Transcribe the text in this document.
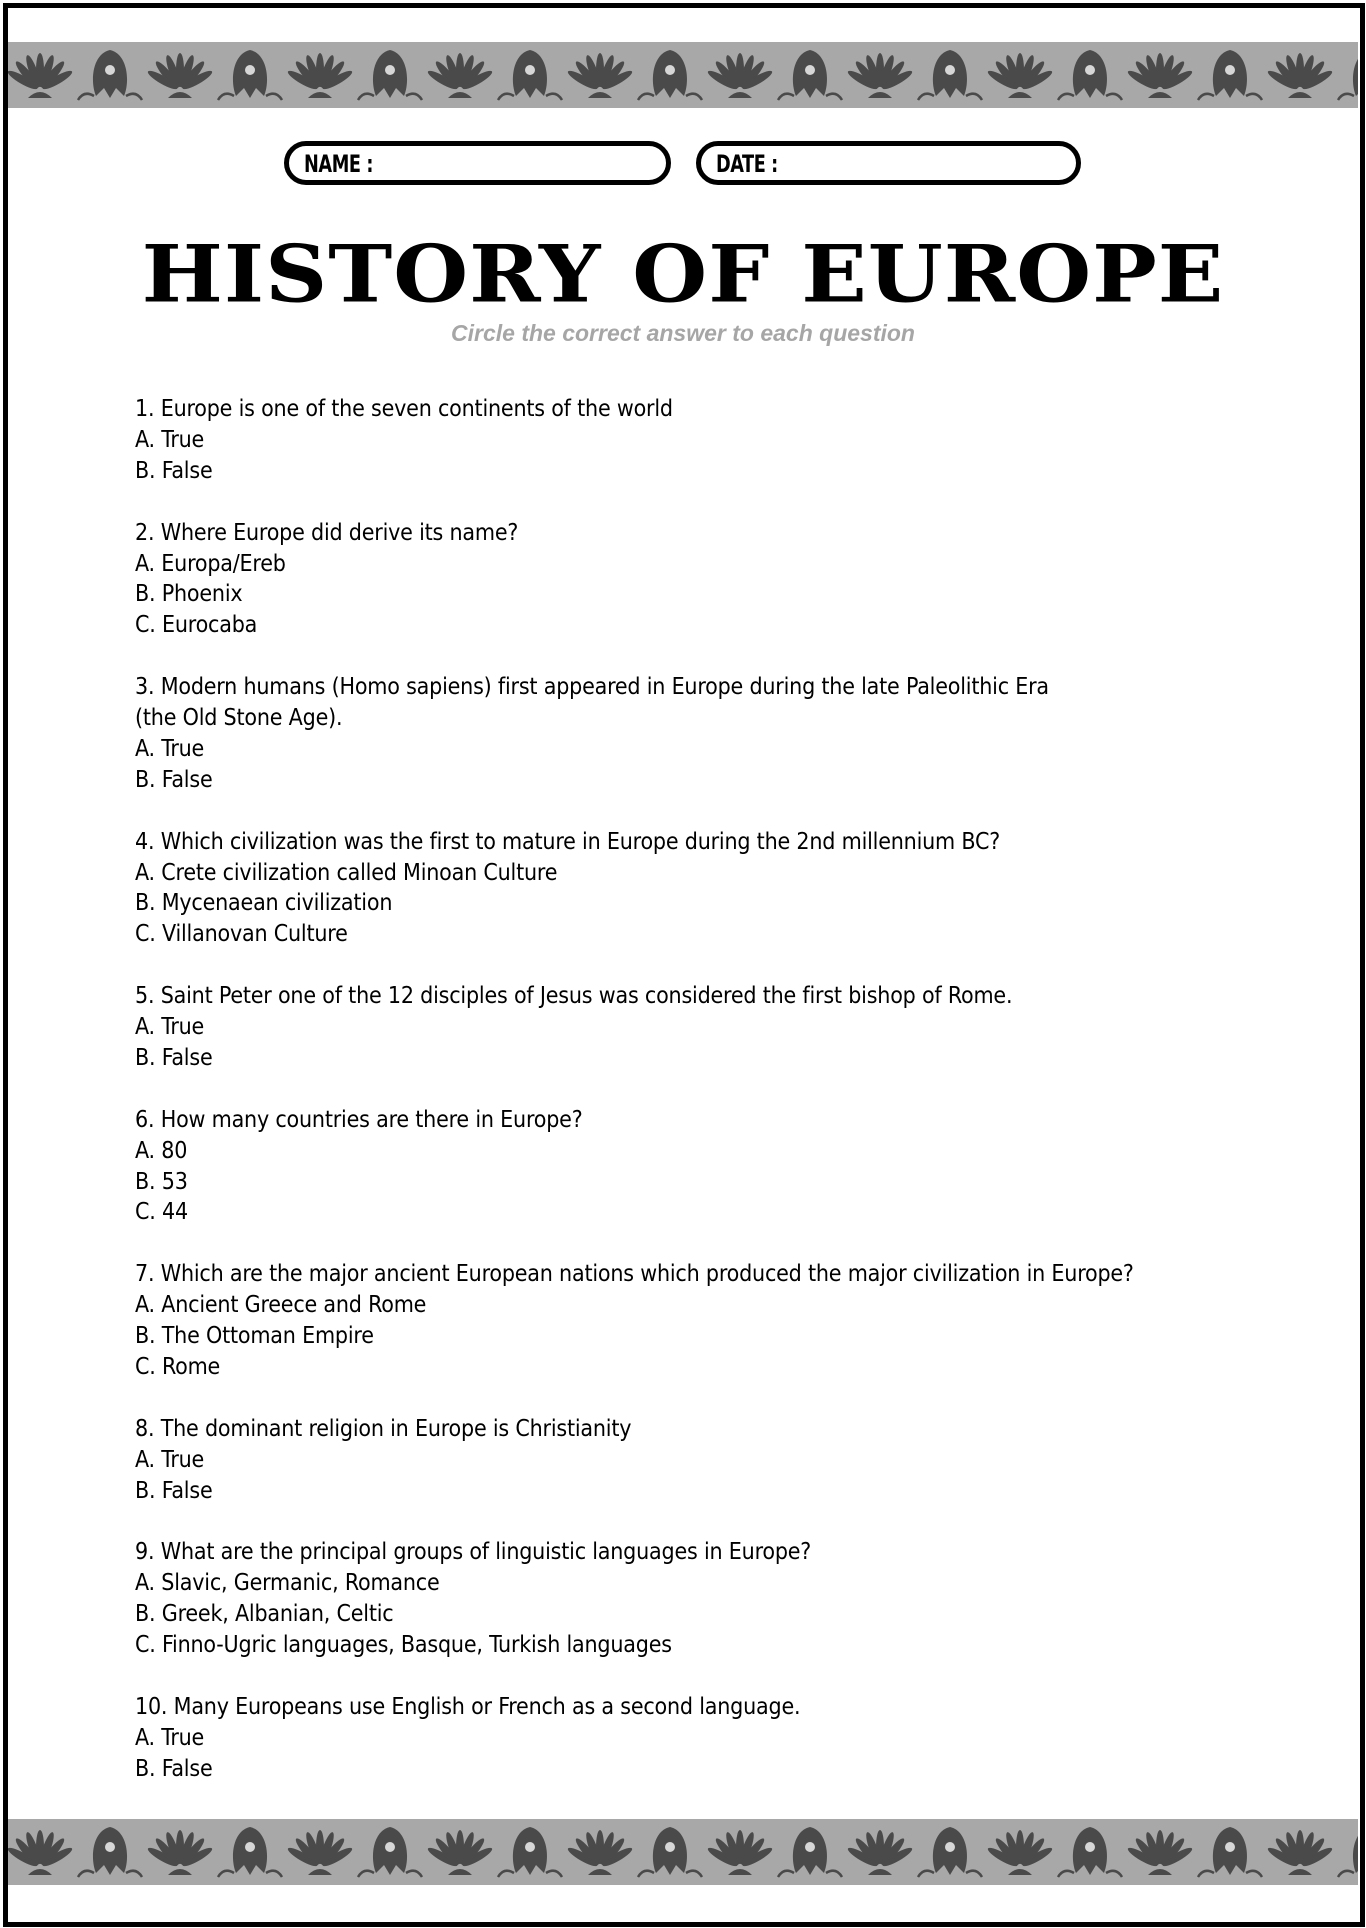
NAME :	DATE :
HISTORY OF EUROPE
Circle the correct answer to each question
1. Europe is one of the seven continents of the world
A. True
B. False
2. Where Europe did derive its name?
A. Europa/Ereb
B. Phoenix
C. Eurocaba
3. Modern humans (Homo sapiens) first appeared in Europe during the late Paleolithic Era
(the Old Stone Age).
A. True
B. False
4. Which civilization was the first to mature in Europe during the 2nd millennium BC?
A. Crete civilization called Minoan Culture
B. Mycenaean civilization
C. Villanovan Culture
5. Saint Peter one of the 12 disciples of Jesus was considered the first bishop of Rome.
A. True
B. False
6. How many countries are there in Europe?
A. 80
B. 53
C. 44
7. Which are the major ancient European nations which produced the major civilization in Europe?
A. Ancient Greece and Rome
B. The Ottoman Empire
C. Rome
8. The dominant religion in Europe is Christianity
A. True
B. False
9. What are the principal groups of linguistic languages in Europe?
A. Slavic, Germanic, Romance
B. Greek, Albanian, Celtic
C. Finno-Ugric languages, Basque, Turkish languages
10. Many Europeans use English or French as a second language.
A. True
B. False
